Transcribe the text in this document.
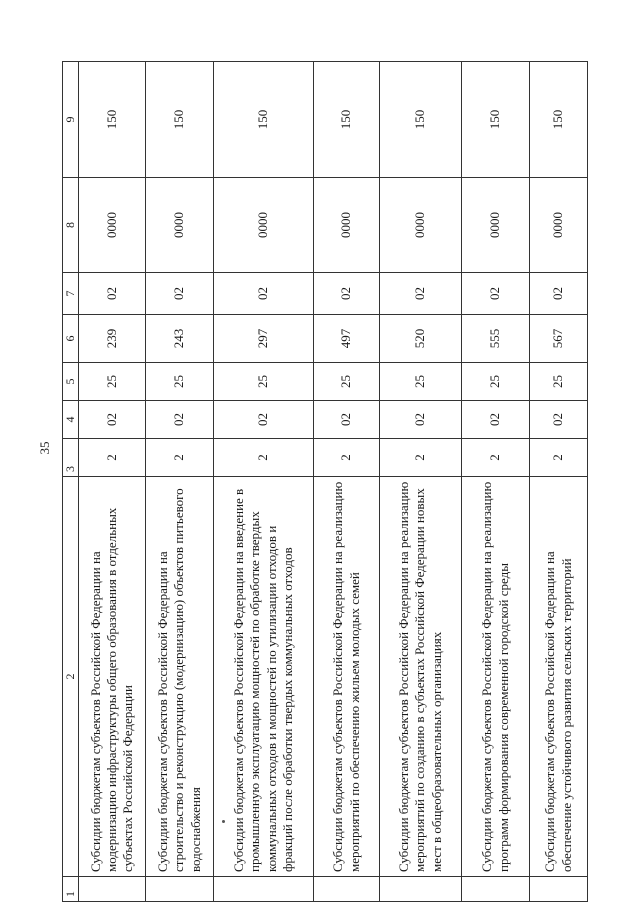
35
1	2	3	4	5	6	7	8	9
	Субсидии бюджетам субъектов Российской Федерации на модернизацию инфраструктуры общего образования в отдельных субъектах Российской Федерации	2	02	25	239	02	0000	150
	Субсидии бюджетам субъектов Российской Федерации на строительство и реконструкцию (модернизацию) объектов питьевого водоснабжения	2	02	25	243	02	0000	150
	Субсидии бюджетам субъектов Российской Федерации на введение в промышленную эксплуатацию мощностей по обработке твердых коммунальных отходов и мощностей по утилизации отходов и фракций после обработки твердых коммунальных отходов	2	02	25	297	02	0000	150
	Субсидии бюджетам субъектов Российской Федерации на реализацию мероприятий по обеспечению жильем молодых семей	2	02	25	497	02	0000	150
	Субсидии бюджетам субъектов Российской Федерации на реализацию мероприятий по созданию в субъектах Российской Федерации новых мест в общеобразовательных организациях	2	02	25	520	02	0000	150
	Субсидии бюджетам субъектов Российской Федерации на реализацию программ формирования современной городской среды	2	02	25	555	02	0000	150
	Субсидии бюджетам субъектов Российской Федерации на обеспечение устойчивого развития сельских территорий	2	02	25	567	02	0000	150
